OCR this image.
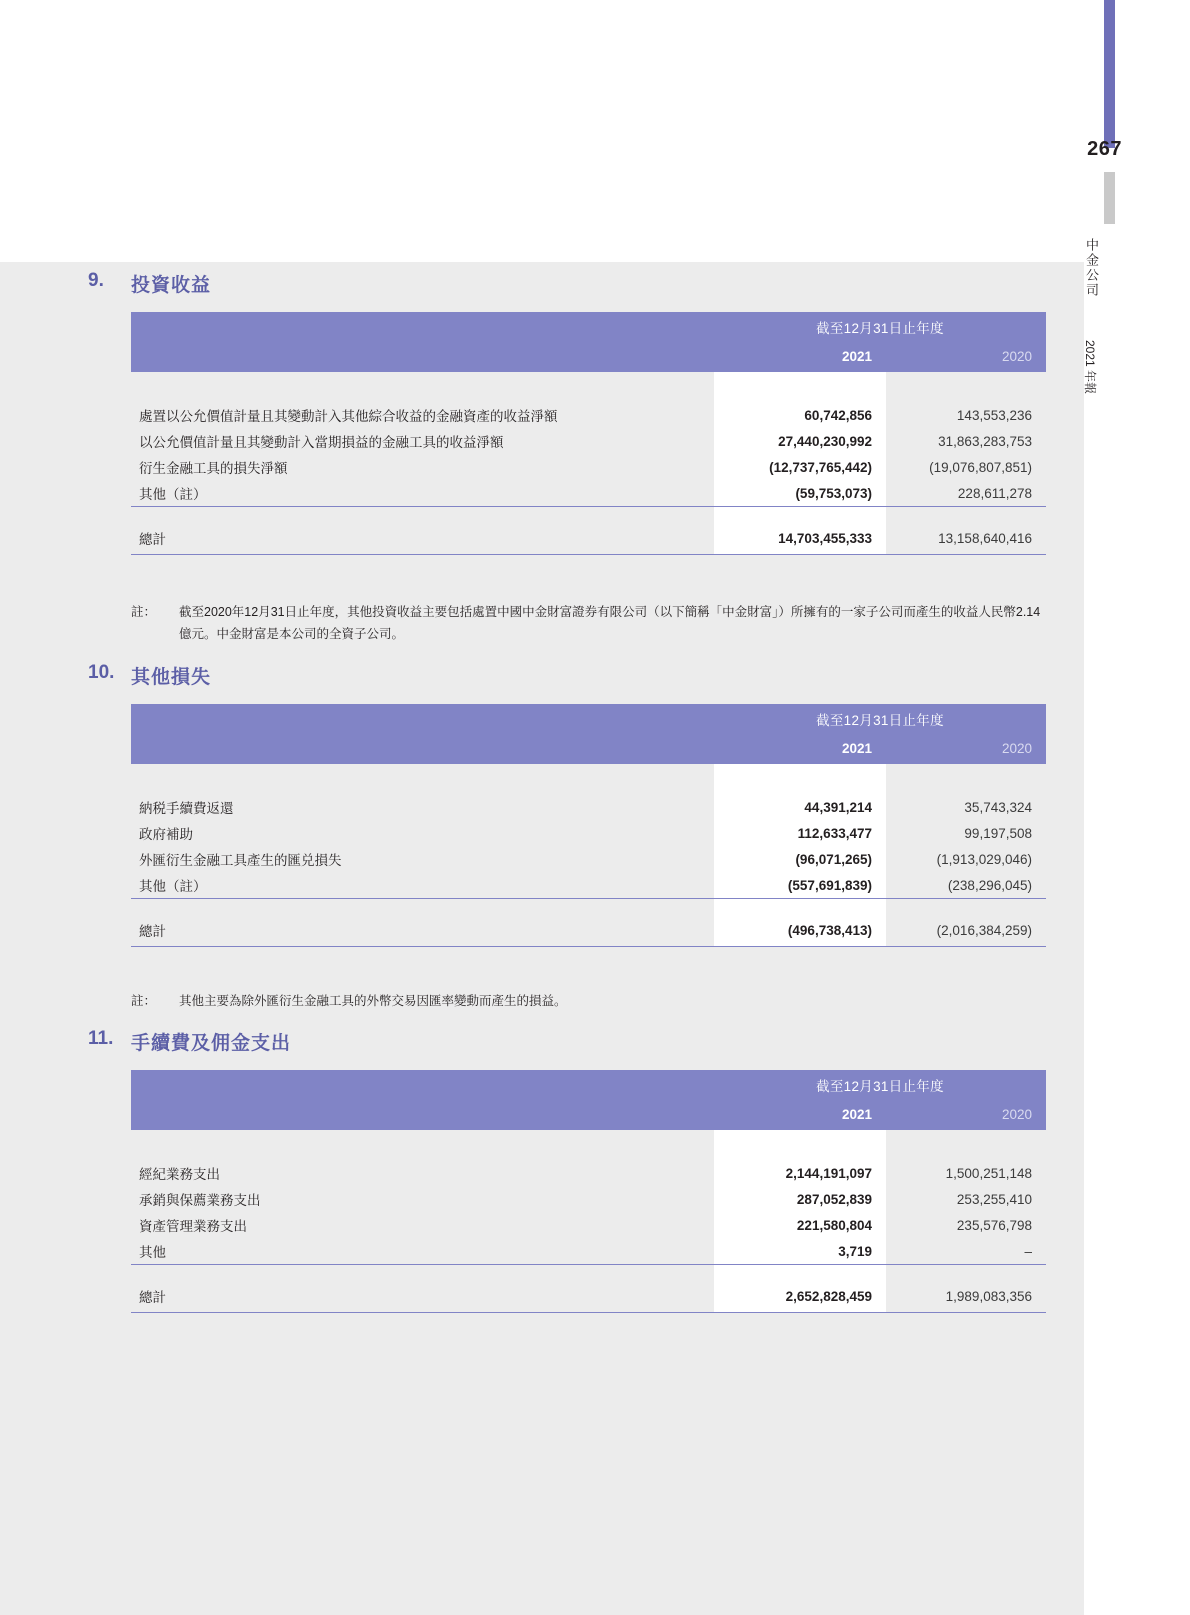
267
中金公司
2021 年報
9.	投資收益
	截至12月31日止年度	
	2021	2020

處置以公允價值計量且其變動計入其他綜合收益的金融資產的收益淨額	60,742,856	143,553,236
以公允價值計量且其變動計入當期損益的金融工具的收益淨額	27,440,230,992	31,863,283,753
衍生金融工具的損失淨額	(12,737,765,442)	(19,076,807,851)
其他（註）	(59,753,073)	228,611,278

總計	14,703,455,333	13,158,640,416

註： 截至2020年12月31日止年度，其他投資收益主要包括處置中國中金財富證券有限公司（以下簡稱「中金財富」）所擁有的一家子公司而產生的收益人民幣2.14億元。中金財富是本公司的全資子公司。
10. 其他損失
	截至12月31日止年度	
	2021	2020

納税手續費返還	44,391,214	35,743,324
政府補助	112,633,477	99,197,508
外匯衍生金融工具產生的匯兑損失	(96,071,265)	(1,913,029,046)
其他（註）	(557,691,839)	(238,296,045)

總計	(496,738,413)	(2,016,384,259)

註： 其他主要為除外匯衍生金融工具的外幣交易因匯率變動而產生的損益。
11. 手續費及佣金支出
	截至12月31日止年度	
	2021	2020

經紀業務支出	2,144,191,097	1,500,251,148
承銷與保薦業務支出	287,052,839	253,255,410
資產管理業務支出	221,580,804	235,576,798
其他	3,719	–

總計	2,652,828,459	1,989,083,356
